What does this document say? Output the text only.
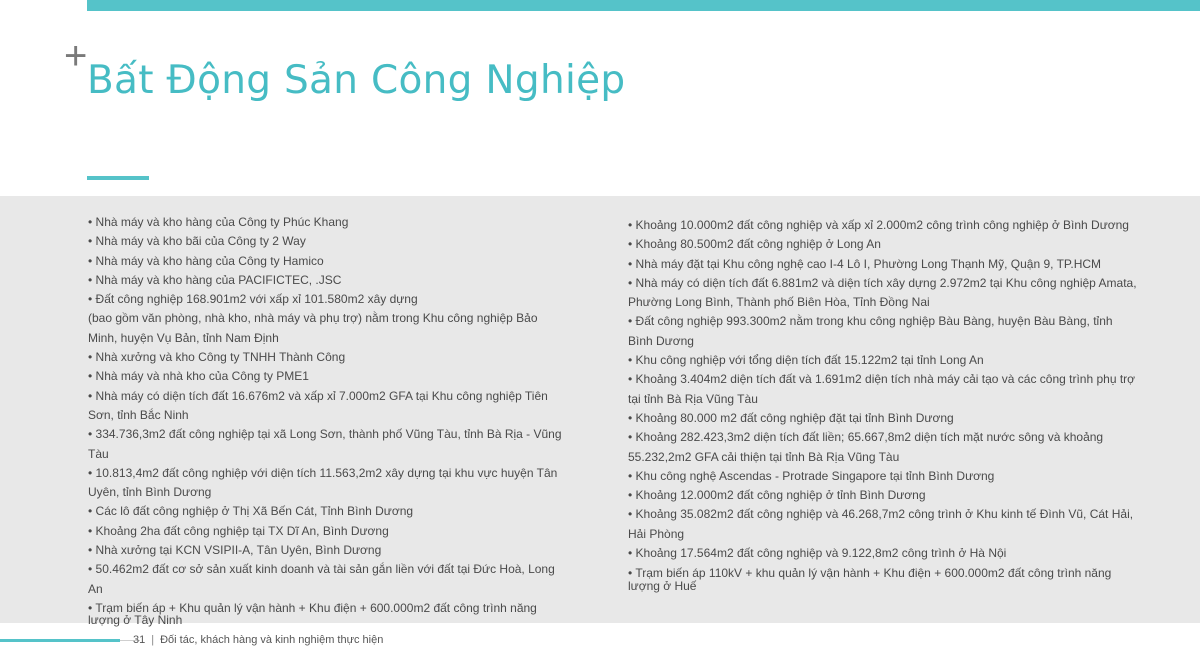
+
Bất Động Sản Công Nghiệp
• Nhà máy và kho hàng của Công ty Phúc Khang
• Nhà máy và kho bãi của Công ty 2 Way
• Nhà máy và kho hàng của Công ty Hamico
• Nhà máy và kho hàng của PACIFICTEC, .JSC
• Đất công nghiệp 168.901m2 với xấp xỉ 101.580m2 xây dựng
(bao gồm văn phòng, nhà kho, nhà máy và phụ trợ) nằm trong Khu công nghiệp Bảo Minh, huyện Vụ Bản, tỉnh Nam Định
• Nhà xưởng và kho Công ty TNHH Thành Công
• Nhà máy và nhà kho của Công ty PME1
• Nhà máy có diện tích đất 16.676m2 và xấp xỉ 7.000m2 GFA tại Khu công nghiệp Tiên Sơn, tỉnh Bắc Ninh
• 334.736,3m2 đất công nghiệp tại xã Long Sơn, thành phố Vũng Tàu, tỉnh Bà Rịa - Vũng Tàu
• 10.813,4m2 đất công nghiệp với diện tích 11.563,2m2 xây dựng tại khu vực huyện Tân Uyên, tỉnh Bình Dương
• Các lô đất công nghiệp ở Thị Xã Bến Cát, Tỉnh Bình Dương
• Khoảng 2ha đất công nghiệp tại TX Dĩ An, Bình Dương
• Nhà xưởng tại KCN VSIPII-A, Tân Uyên, Bình Dương
• 50.462m2 đất cơ sở sản xuất kinh doanh và tài sản gắn liền với đất tại Đức Hoà, Long An
• Trạm biến áp + Khu quản lý vận hành + Khu điện + 600.000m2 đất công trình năng lượng ở Tây Ninh
• Khoảng 10.000m2 đất công nghiệp và xấp xỉ 2.000m2 công trình công nghiệp ở Bình Dương
• Khoảng 80.500m2 đất công nghiệp ở Long An
• Nhà máy đặt tại Khu công nghệ cao I-4 Lô I, Phường Long Thạnh Mỹ, Quận 9, TP.HCM
• Nhà máy có diện tích đất 6.881m2 và diện tích xây dựng 2.972m2 tại Khu công nghiệp Amata, Phường Long Bình, Thành phố Biên Hòa, Tỉnh Đồng Nai
• Đất công nghiệp 993.300m2 nằm trong khu công nghiệp Bàu Bàng, huyện Bàu Bàng, tỉnh Bình Dương
• Khu công nghiệp với tổng diện tích đất 15.122m2 tại tỉnh Long An
• Khoảng 3.404m2 diện tích đất và 1.691m2 diện tích nhà máy cải tạo và các công trình phụ trợ tại tỉnh Bà Rịa Vũng Tàu
• Khoảng 80.000 m2 đất công nghiệp đặt tại tỉnh Bình Dương
• Khoảng 282.423,3m2 diện tích đất liền; 65.667,8m2 diện tích mặt nước sông và khoảng 55.232,2m2 GFA cải thiện tại tỉnh Bà Rịa Vũng Tàu
• Khu công nghệ Ascendas - Protrade Singapore tại tỉnh Bình Dương
• Khoảng 12.000m2 đất công nghiệp ở tỉnh Bình Dương
• Khoảng 35.082m2 đất công nghiệp và 46.268,7m2 công trình ở Khu kinh tế Đình Vũ, Cát Hải, Hải Phòng
• Khoảng 17.564m2 đất công nghiệp và 9.122,8m2 công trình ở Hà Nội
• Trạm biến áp 110kV + khu quản lý vận hành + Khu điện + 600.000m2 đất công trình năng lượng ở Huế
31 | Đối tác, khách hàng và kinh nghiệm thực hiện
